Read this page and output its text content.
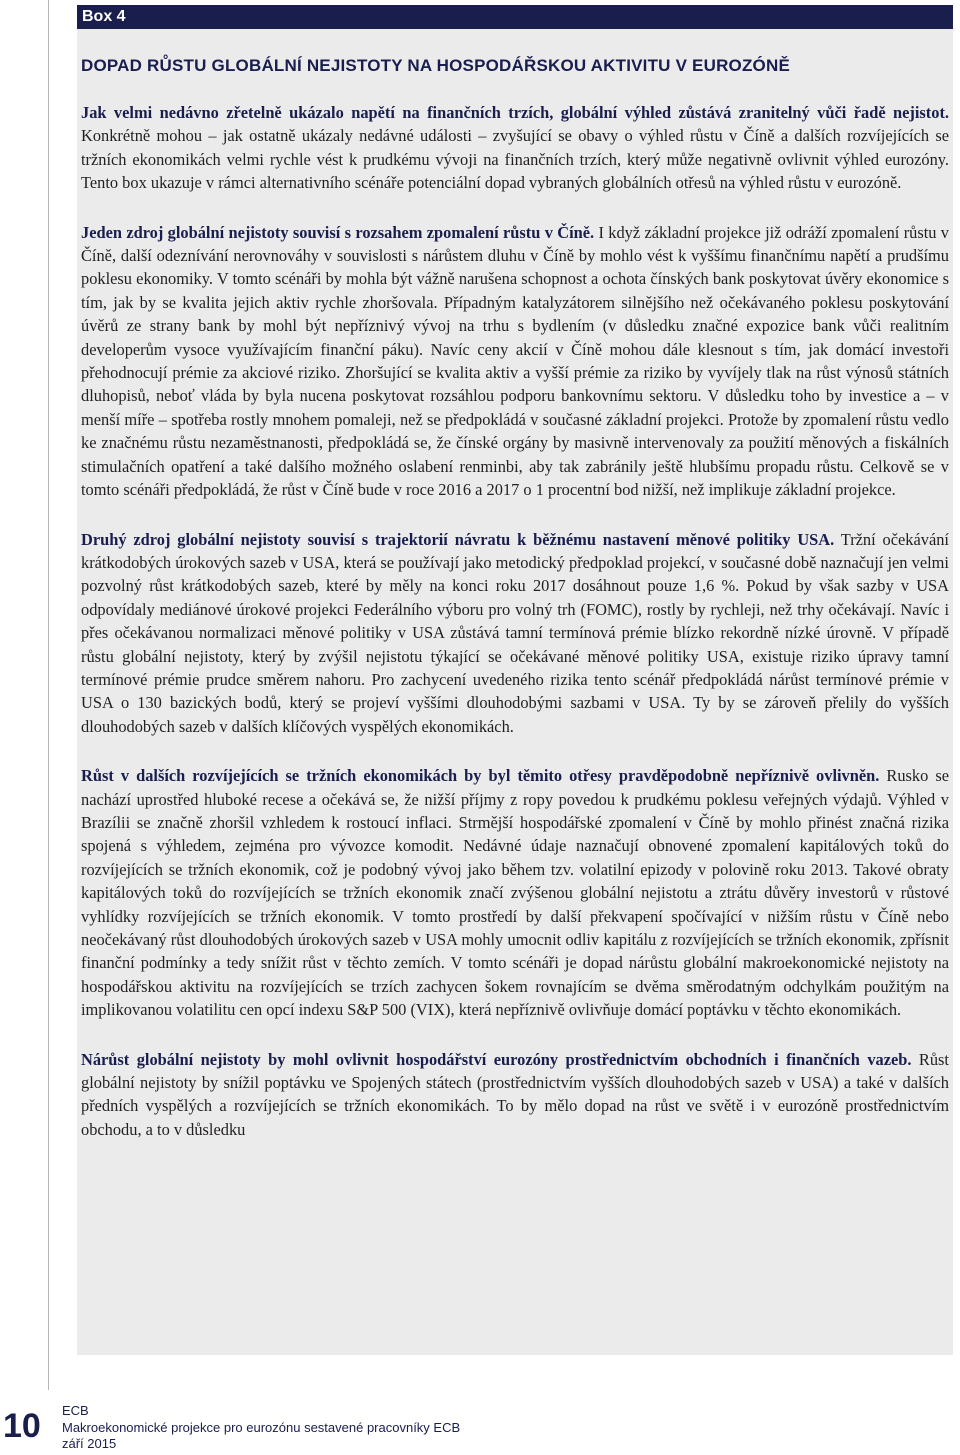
Box 4
DOPAD RŮSTU GLOBÁLNÍ NEJISTOTY NA HOSPODÁŘSKOU AKTIVITU V EUROZÓNĚ

Jak velmi nedávno zřetelně ukázalo napětí na finančních trzích, globální výhled zůstává zranitelný vůči řadě nejistot. Konkrétně mohou – jak ostatně ukázaly nedávné události – zvyšující se obavy o výhled růstu v Číně a dalších rozvíjejících se tržních ekonomikách velmi rychle vést k prudkému vývoji na finančních trzích, který může negativně ovlivnit výhled eurozóny. Tento box ukazuje v rámci alternativního scénáře potenciální dopad vybraných globálních otřesů na výhled růstu v eurozóně.

Jeden zdroj globální nejistoty souvisí s rozsahem zpomalení růstu v Číně. I když základní projekce již odráží zpomalení růstu v Číně, další odeznívání nerovnováhy v souvislosti s nárůstem dluhu v Číně by mohlo vést k vyššímu finančnímu napětí a prudšímu poklesu ekonomiky. V tomto scénáři by mohla být vážně narušena schopnost a ochota čínských bank poskytovat úvěry ekonomice s tím, jak by se kvalita jejich aktiv rychle zhoršovala. Případným katalyzátorem silnějšího než očekávaného poklesu poskytování úvěrů ze strany bank by mohl být nepříznivý vývoj na trhu s bydlením (v důsledku značné expozice bank vůči realitním developerům vysoce využívajícím finanční páku). Navíc ceny akcií v Číně mohou dále klesnout s tím, jak domácí investoři přehodnocují prémie za akciové riziko. Zhoršující se kvalita aktiv a vyšší prémie za riziko by vyvíjely tlak na růst výnosů státních dluhopisů, neboť vláda by byla nucena poskytovat rozsáhlou podporu bankovnímu sektoru. V důsledku toho by investice a – v menší míře – spotřeba rostly mnohem pomaleji, než se předpokládá v současné základní projekci. Protože by zpomalení růstu vedlo ke značnému růstu nezaměstnanosti, předpokládá se, že čínské orgány by masivně intervenovaly za použití měnových a fiskálních stimulačních opatření a také dalšího možného oslabení renminbi, aby tak zabránily ještě hlubšímu propadu růstu. Celkově se v tomto scénáři předpokládá, že růst v Číně bude v roce 2016 a 2017 o 1 procentní bod nižší, než implikuje základní projekce.

Druhý zdroj globální nejistoty souvisí s trajektorií návratu k běžnému nastavení měnové politiky USA. Tržní očekávání krátkodobých úrokových sazeb v USA, která se používají jako metodický předpoklad projekcí, v současné době naznačují jen velmi pozvolný růst krátkodobých sazeb, které by měly na konci roku 2017 dosáhnout pouze 1,6 %. Pokud by však sazby v USA odpovídaly mediánové úrokové projekci Federálního výboru pro volný trh (FOMC), rostly by rychleji, než trhy očekávají. Navíc i přes očekávanou normalizaci měnové politiky v USA zůstává tamní termínová prémie blízko rekordně nízké úrovně. V případě růstu globální nejistoty, který by zvýšil nejistotu týkající se očekávané měnové politiky USA, existuje riziko úpravy tamní termínové prémie prudce směrem nahoru. Pro zachycení uvedeného rizika tento scénář předpokládá nárůst termínové prémie v USA o 130 bazických bodů, který se projeví vyššími dlouhodobými sazbami v USA. Ty by se zároveň přelily do vyšších dlouhodobých sazeb v dalších klíčových vyspělých ekonomikách.

Růst v dalších rozvíjejících se tržních ekonomikách by byl těmito otřesy pravděpodobně nepříznivě ovlivněn. Rusko se nachází uprostřed hluboké recese a očekává se, že nižší příjmy z ropy povedou k prudkému poklesu veřejných výdajů. Výhled v Brazílii se značně zhoršil vzhledem k rostoucí inflaci. Strmější hospodářské zpomalení v Číně by mohlo přinést značná rizika spojená s výhledem, zejména pro vývozce komodit. Nedávné údaje naznačují obnovené zpomalení kapitálových toků do rozvíjejících se tržních ekonomik, což je podobný vývoj jako během tzv. volatilní epizody v polovině roku 2013. Takové obraty kapitálových toků do rozvíjejících se tržních ekonomik značí zvýšenou globální nejistotu a ztrátu důvěry investorů v růstové vyhlídky rozvíjejících se tržních ekonomik. V tomto prostředí by další překvapení spočívající v nižším růstu v Číně nebo neočekávaný růst dlouhodobých úrokových sazeb v USA mohly umocnit odliv kapitálu z rozvíjejících se tržních ekonomik, zpřísnit finanční podmínky a tedy snížit růst v těchto zemích. V tomto scénáři je dopad nárůstu globální makroekonomické nejistoty na hospodářskou aktivitu na rozvíjejících se trzích zachycen šokem rovnajícím se dvěma směrodatným odchylkám použitým na implikovanou volatilitu cen opcí indexu S&P 500 (VIX), která nepříznivě ovlivňuje domácí poptávku v těchto ekonomikách.

Nárůst globální nejistoty by mohl ovlivnit hospodářství eurozóny prostřednictvím obchodních i finančních vazeb. Růst globální nejistoty by snížil poptávku ve Spojených státech (prostřednictvím vyšších dlouhodobých sazeb v USA) a také v dalších předních vyspělých a rozvíjejících se tržních ekonomikách. To by mělo dopad na růst ve světě i v eurozóně prostřednictvím obchodu, a to v důsledku

10 ECB
Makroekonomické projekce pro eurozónu sestavené pracovníky ECB
září 2015
